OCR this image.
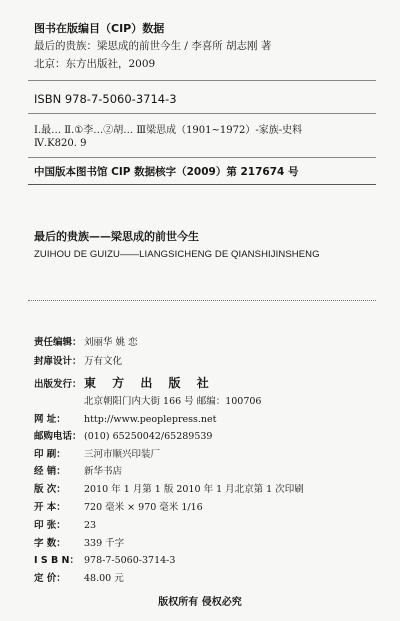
图书在版编目（CIP）数据
最后的贵族：梁思成的前世今生 / 李喜所 胡志刚 著
北京：东方出版社，2009
ISBN 978-7-5060-3714-3
Ⅰ.最… Ⅱ.①李…②胡… Ⅲ梁思成（1901~1972）-家族-史料
Ⅳ.K820. 9
中国版本图书馆 CIP 数据核字（2009）第 217674 号
最后的贵族——梁思成的前世今生
ZUIHOU DE GUIZU——LIANGSICHENG DE QIANSHIJINSHENG
责任编辑： 刘丽华 姚 恋
封扉设计： 万有文化
出版发行： 東 方 出 版 社
北京朝阳门内大街 166 号 邮编：100706
网 址： http://www.peoplepress.net
邮购电话： (010) 65250042/65289539
印 刷： 三河市顺兴印装厂
经 销： 新华书店
版 次： 2010 年 1 月第 1 版 2010 年 1 月北京第 1 次印刷
开 本： 720 毫米 × 970 毫米 1/16
印 张： 23
字 数： 339 千字
I S B N： 978-7-5060-3714-3
定 价： 48.00 元
版权所有 侵权必究
